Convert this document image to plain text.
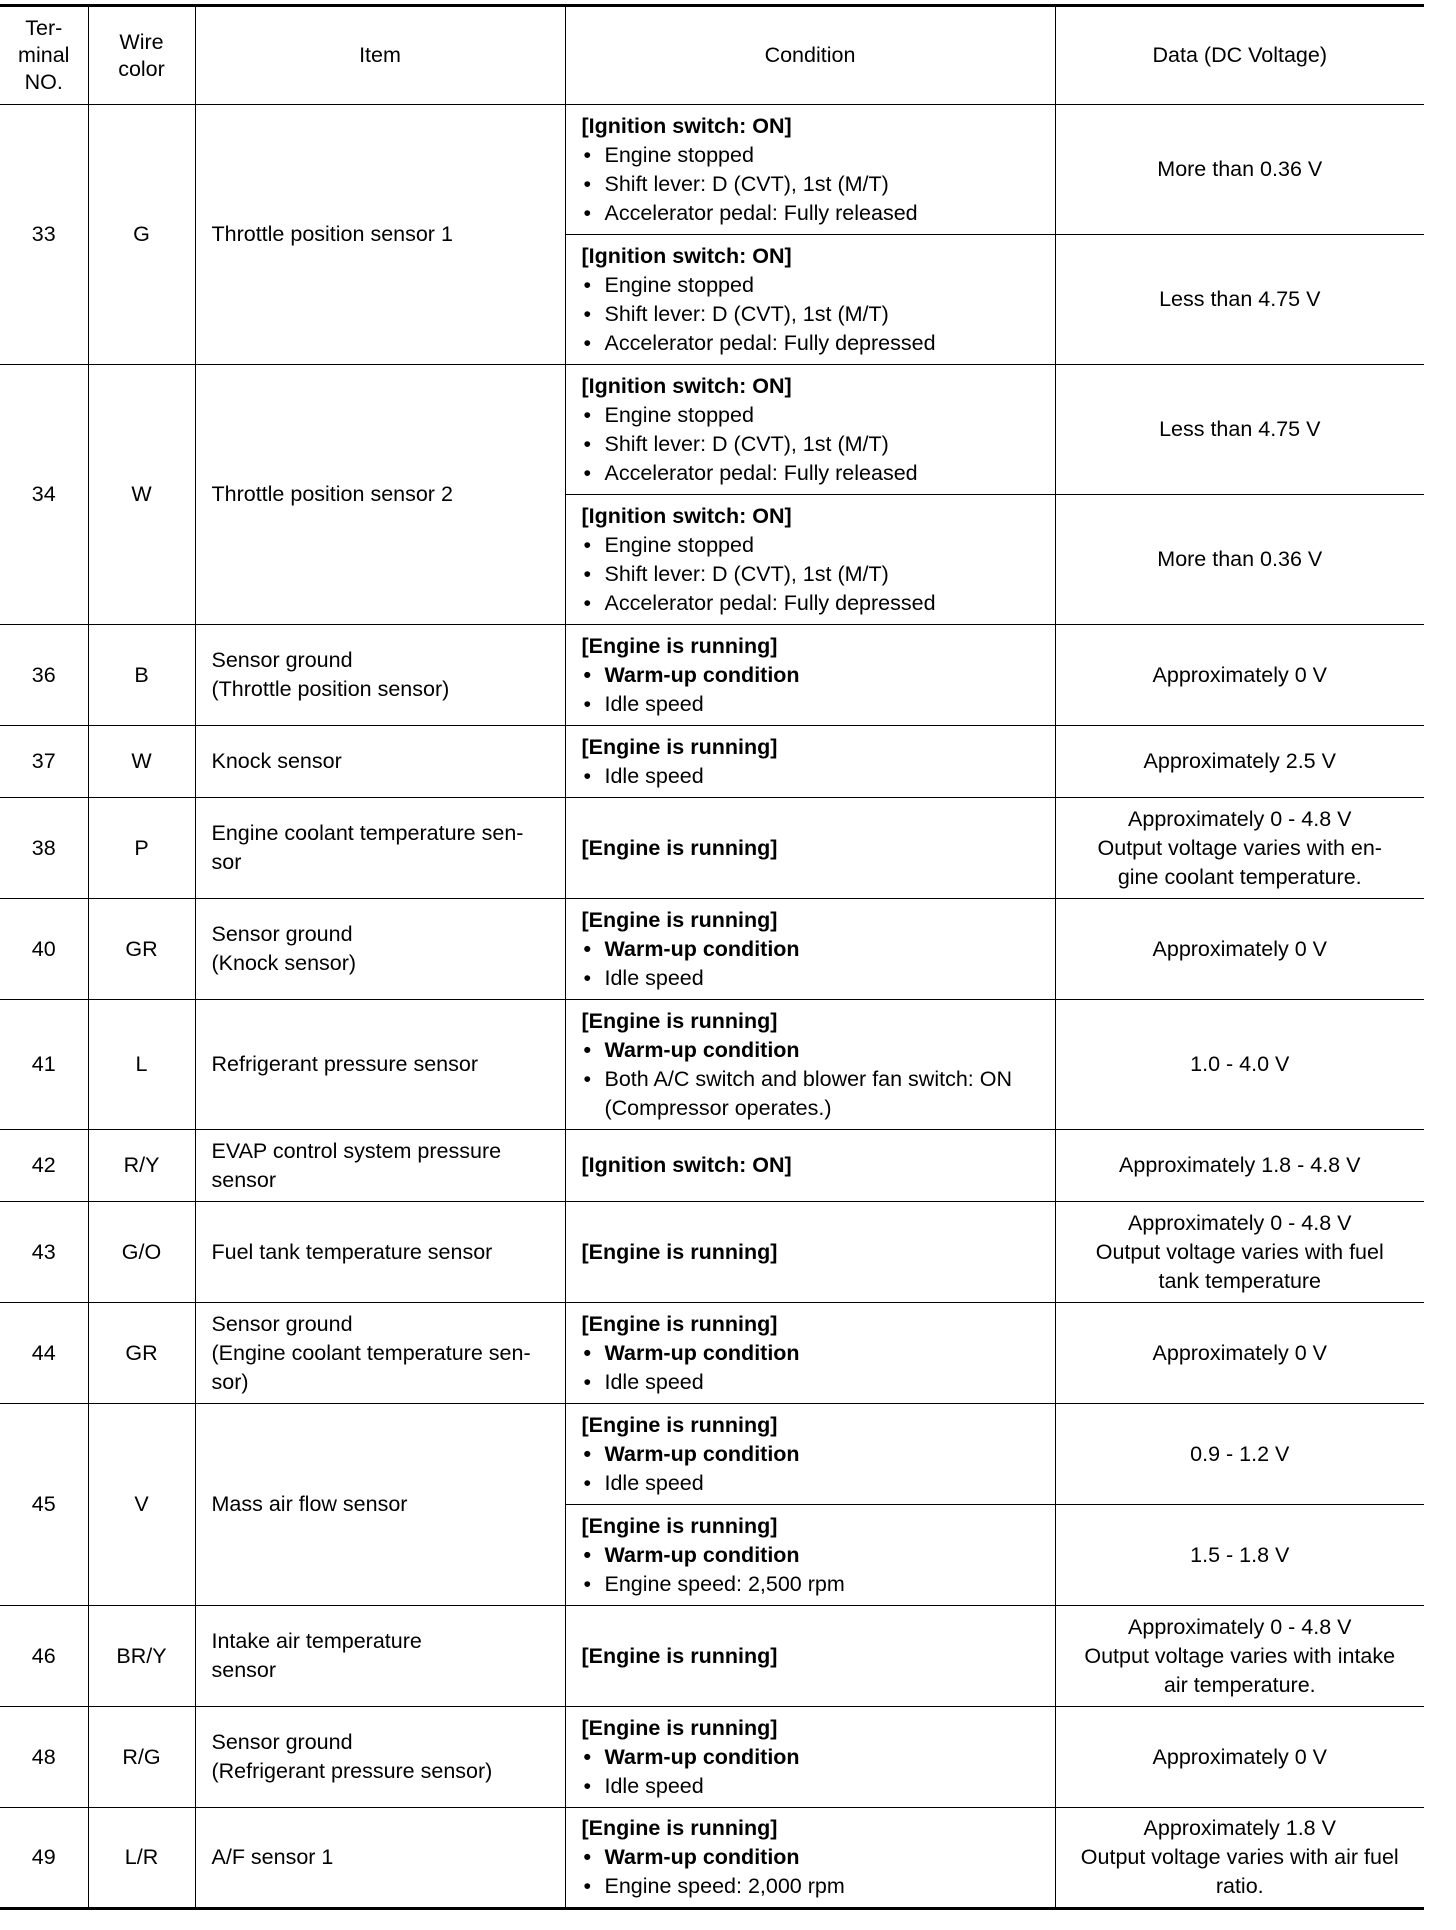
Ter-
minal
NO.	Wire
color	Item	Condition	Data (DC Voltage)
33	G	Throttle position sensor 1	[Ignition switch: ON]
• Engine stopped
• Shift lever: D (CVT), 1st (M/T)
• Accelerator pedal: Fully released	More than 0.36 V

			[Ignition switch: ON]
• Engine stopped
• Shift lever: D (CVT), 1st (M/T)
• Accelerator pedal: Fully depressed	Less than 4.75 V

34	W	Throttle position sensor 2	[Ignition switch: ON]
• Engine stopped
• Shift lever: D (CVT), 1st (M/T)
• Accelerator pedal: Fully released	Less than 4.75 V

			[Ignition switch: ON]
• Engine stopped
• Shift lever: D (CVT), 1st (M/T)
• Accelerator pedal: Fully depressed	More than 0.36 V

36	B	Sensor ground
(Throttle position sensor)	[Engine is running]
• Warm-up condition
• Idle speed	Approximately 0 V

37	W	Knock sensor	[Engine is running]
• Idle speed	Approximately 2.5 V

38	P	Engine coolant temperature sen-
sor	[Engine is running]	Approximately 0 - 4.8 V
Output voltage varies with en-
gine coolant temperature.

40	GR	Sensor ground
(Knock sensor)	[Engine is running]
• Warm-up condition
• Idle speed	Approximately 0 V

41	L	Refrigerant pressure sensor	[Engine is running]
• Warm-up condition
• Both A/C switch and blower fan switch: ON
(Compressor operates.)	1.0 - 4.0 V

42	R/Y	EVAP control system pressure
sensor	[Ignition switch: ON]	Approximately 1.8 - 4.8 V

43	G/O	Fuel tank temperature sensor	[Engine is running]	Approximately 0 - 4.8 V
Output voltage varies with fuel
tank temperature

44	GR	Sensor ground
(Engine coolant temperature sen-
sor)	[Engine is running]
• Warm-up condition
• Idle speed	Approximately 0 V

45	V	Mass air flow sensor	[Engine is running]
• Warm-up condition
• Idle speed	0.9 - 1.2 V

			[Engine is running]
• Warm-up condition
• Engine speed: 2,500 rpm	1.5 - 1.8 V

46	BR/Y	Intake air temperature
sensor	[Engine is running]	Approximately 0 - 4.8 V
Output voltage varies with intake
air temperature.

48	R/G	Sensor ground
(Refrigerant pressure sensor)	[Engine is running]
• Warm-up condition
• Idle speed	Approximately 0 V

49	L/R	A/F sensor 1	[Engine is running]
• Warm-up condition
• Engine speed: 2,000 rpm	Approximately 1.8 V
Output voltage varies with air fuel
ratio.
